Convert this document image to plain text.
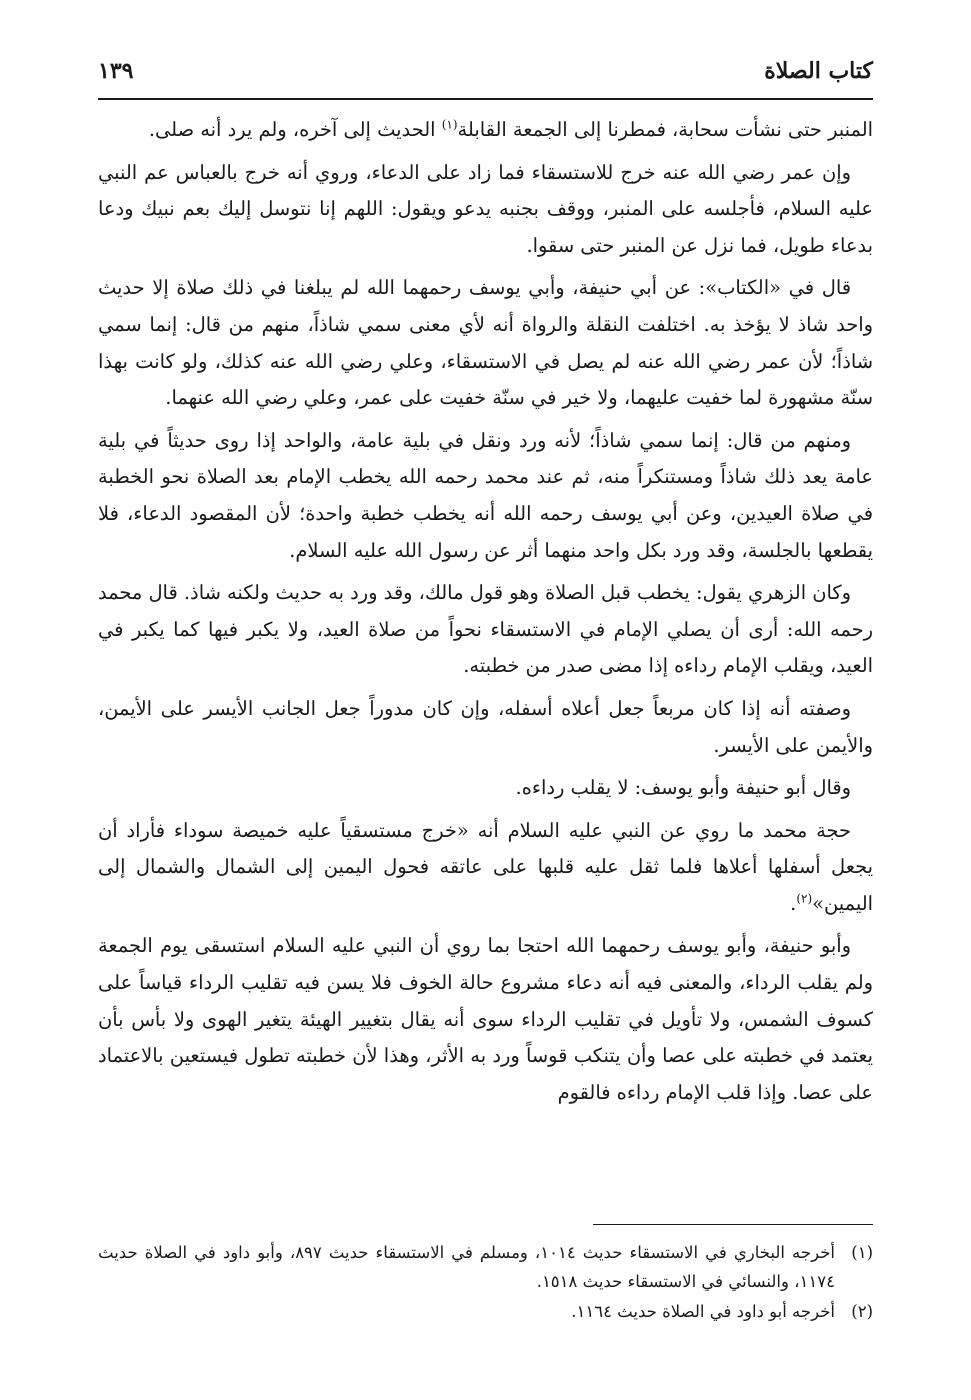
كتاب الصلاة
١٣٩

المنبر حتى نشأت سحابة، فمطرنا إلى الجمعة القابلة$^{(١)}$ الحديث إلى آخره، ولم يرد أنه صلى.

وإن عمر رضي الله عنه خرج للاستسقاء فما زاد على الدعاء، وروي أنه خرج بالعباس عم النبي عليه السلام، فأجلسه على المنبر، ووقف بجنبه يدعو ويقول: اللهم إنا نتوسل إليك بعم نبيك ودعا بدعاء طويل، فما نزل عن المنبر حتى سقوا.

قال في «الكتاب»: عن أبي حنيفة، وأبي يوسف رحمهما الله لم يبلغنا في ذلك صلاة إلا حديث واحد شاذ لا يؤخذ به. اختلفت النقلة والرواة أنه لأي معنى سمي شاذاً، منهم من قال: إنما سمي شاذاً؛ لأن عمر رضي الله عنه لم يصل في الاستسقاء، وعلي رضي الله عنه كذلك، ولو كانت بهذا سنّة مشهورة لما خفيت عليهما، ولا خير في سنّة خفيت على عمر، وعلي رضي الله عنهما.

ومنهم من قال: إنما سمي شاذاً؛ لأنه ورد ونقل في بلية عامة، والواحد إذا روى حديثاً في بلية عامة يعد ذلك شاذاً ومستنكراً منه، ثم عند محمد رحمه الله يخطب الإمام بعد الصلاة نحو الخطبة في صلاة العيدين، وعن أبي يوسف رحمه الله أنه يخطب خطبة واحدة؛ لأن المقصود الدعاء، فلا يقطعها بالجلسة، وقد ورد بكل واحد منهما أثر عن رسول الله عليه السلام.

وكان الزهري يقول: يخطب قبل الصلاة وهو قول مالك، وقد ورد به حديث ولكنه شاذ. قال محمد رحمه الله: أرى أن يصلي الإمام في الاستسقاء نحواً من صلاة العيد، ولا يكبر فيها كما يكبر في العيد، ويقلب الإمام رداءه إذا مضى صدر من خطبته.

وصفته أنه إذا كان مربعاً جعل أعلاه أسفله، وإن كان مدوراً جعل الجانب الأيسر على الأيمن، والأيمن على الأيسر.

وقال أبو حنيفة وأبو يوسف: لا يقلب رداءه.

حجة محمد ما روي عن النبي عليه السلام أنه «خرج مستسقياً عليه خميصة سوداء فأراد أن يجعل أسفلها أعلاها فلما ثقل عليه قلبها على عاتقه فحول اليمين إلى الشمال والشمال إلى اليمين»$^{(٢)}$.

وأبو حنيفة، وأبو يوسف رحمهما الله احتجا بما روي أن النبي عليه السلام استسقى يوم الجمعة ولم يقلب الرداء، والمعنى فيه أنه دعاء مشروع حالة الخوف فلا يسن فيه تقليب الرداء قياساً على كسوف الشمس، ولا تأويل في تقليب الرداء سوى أنه يقال بتغيير الهيئة يتغير الهوى ولا بأس بأن يعتمد في خطبته على عصا وأن يتنكب قوساً ورد به الأثر، وهذا لأن خطبته تطول فيستعين بالاعتماد على عصا. وإذا قلب الإمام رداءه فالقوم

(١)
أخرجه البخاري في الاستسقاء حديث ١٠١٤، ومسلم في الاستسقاء حديث ٨٩٧، وأبو داود في الصلاة حديث ١١٧٤، والنسائي في الاستسقاء حديث ١٥١٨.
(٢)
أخرجه أبو داود في الصلاة حديث ١١٦٤.
